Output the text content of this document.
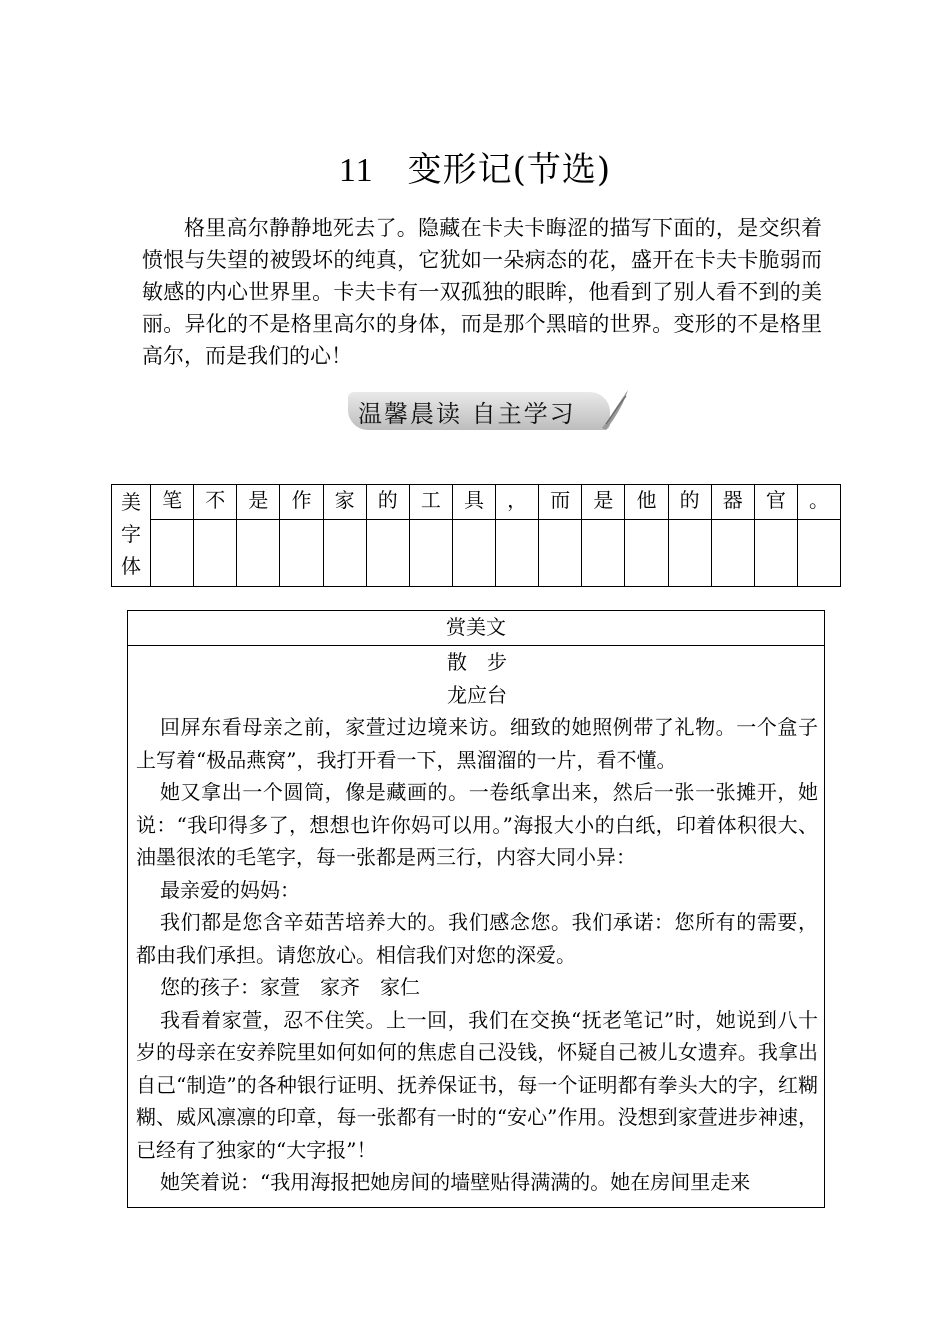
11 变形记(节选)

格里高尔静静地死去了。隐藏在卡夫卡晦涩的描写下面的，是交织着愤恨与失望的被毁坏的纯真，它犹如一朵病态的花，盛开在卡夫卡脆弱而敏感的内心世界里。卡夫卡有一双孤独的眼眸，他看到了别人看不到的美丽。异化的不是格里高尔的身体，而是那个黑暗的世界。变形的不是格里高尔，而是我们的心！

温馨晨读 自主学习
美
字
体	笔	不	是	作	家	的	工	具	，	而	是	他	的	器	官	。

赏美文
散　步
龙应台

回屏东看母亲之前，家萱过边境来访。细致的她照例带了礼物。一个盒子上写着“极品燕窝”，我打开看一下，黑溜溜的一片，看不懂。

她又拿出一个圆筒，像是藏画的。一卷纸拿出来，然后一张一张摊开，她说：“我印得多了，想想也许你妈可以用。”海报大小的白纸，印着体积很大、油墨很浓的毛笔字，每一张都是两三行，内容大同小异：

最亲爱的妈妈：

我们都是您含辛茹苦培养大的。我们感念您。我们承诺：您所有的需要，都由我们承担。请您放心。相信我们对您的深爱。

您的孩子：家萱　家齐　家仁

我看着家萱，忍不住笑。上一回，我们在交换“抚老笔记”时，她说到八十岁的母亲在安养院里如何如何的焦虑自己没钱，怀疑自己被儿女遗弃。我拿出自己“制造”的各种银行证明、抚养保证书，每一个证明都有拳头大的字，红糊糊、威风凛凛的印章，每一张都有一时的“安心”作用。没想到家萱进步神速，已经有了独家的“大字报”！

她笑着说：“我用海报把她房间的墙壁贴得满满的。她在房间里走来
